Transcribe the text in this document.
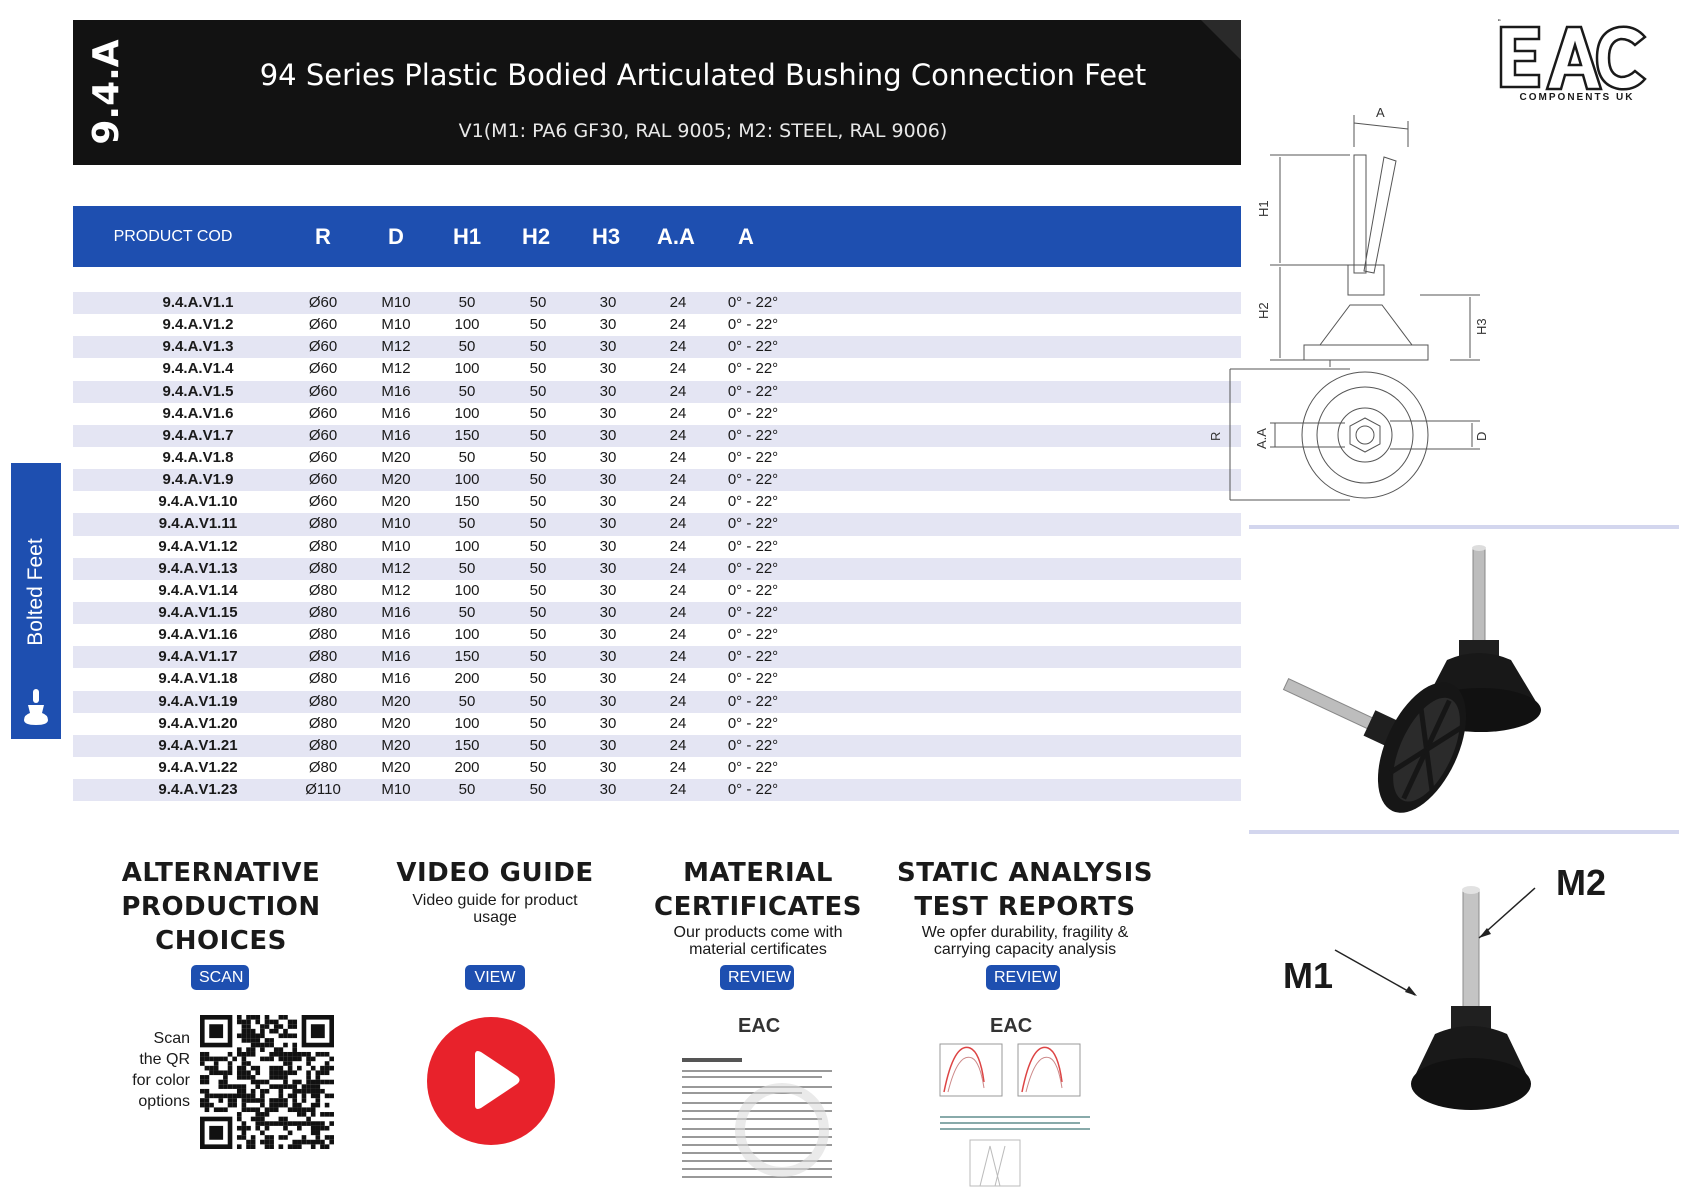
9.4.A	94 Series Plastic Bodied Articulated Bushing Connection Feet
V1(M1: PA6 GF30, RAL 9005; M2: STEEL, RAL 9006)
Bolted Feet
PRODUCT COD	R	D	H1	H2	H3	A.A	A
9.4.A.V1.1	Ø60	M10	50	50	30	24	0° - 22°
9.4.A.V1.2	Ø60	M10	100	50	30	24	0° - 22°
9.4.A.V1.3	Ø60	M12	50	50	30	24	0° - 22°
9.4.A.V1.4	Ø60	M12	100	50	30	24	0° - 22°
9.4.A.V1.5	Ø60	M16	50	50	30	24	0° - 22°
9.4.A.V1.6	Ø60	M16	100	50	30	24	0° - 22°
9.4.A.V1.7	Ø60	M16	150	50	30	24	0° - 22°
9.4.A.V1.8	Ø60	M20	50	50	30	24	0° - 22°
9.4.A.V1.9	Ø60	M20	100	50	30	24	0° - 22°
9.4.A.V1.10	Ø60	M20	150	50	30	24	0° - 22°
9.4.A.V1.11	Ø80	M10	50	50	30	24	0° - 22°
9.4.A.V1.12	Ø80	M10	100	50	30	24	0° - 22°
9.4.A.V1.13	Ø80	M12	50	50	30	24	0° - 22°
9.4.A.V1.14	Ø80	M12	100	50	30	24	0° - 22°
9.4.A.V1.15	Ø80	M16	50	50	30	24	0° - 22°
9.4.A.V1.16	Ø80	M16	100	50	30	24	0° - 22°
9.4.A.V1.17	Ø80	M16	150	50	30	24	0° - 22°
9.4.A.V1.18	Ø80	M16	200	50	30	24	0° - 22°
9.4.A.V1.19	Ø80	M20	50	50	30	24	0° - 22°
9.4.A.V1.20	Ø80	M20	100	50	30	24	0° - 22°
9.4.A.V1.21	Ø80	M20	150	50	30	24	0° - 22°
9.4.A.V1.22	Ø80	M20	200	50	30	24	0° - 22°
9.4.A.V1.23	Ø110	M10	50	50	30	24	0° - 22°
“
COMPONENTS UK
A
H1
H2
H3
R A.A	D
M2
M1
ALTERNATIVE
PRODUCTION
CHOICES
SCAN
Scan
the QR
for color
options
VIDEO GUIDE
Video guide for product usage
VIEW
MATERIAL
CERTIFICATES
Our products come with material certificates
REVIEW
EAC
STATIC ANALYSIS
TEST REPORTS
We opfer durability, fragility & carrying capacity analysis
REVIEW
EAC
